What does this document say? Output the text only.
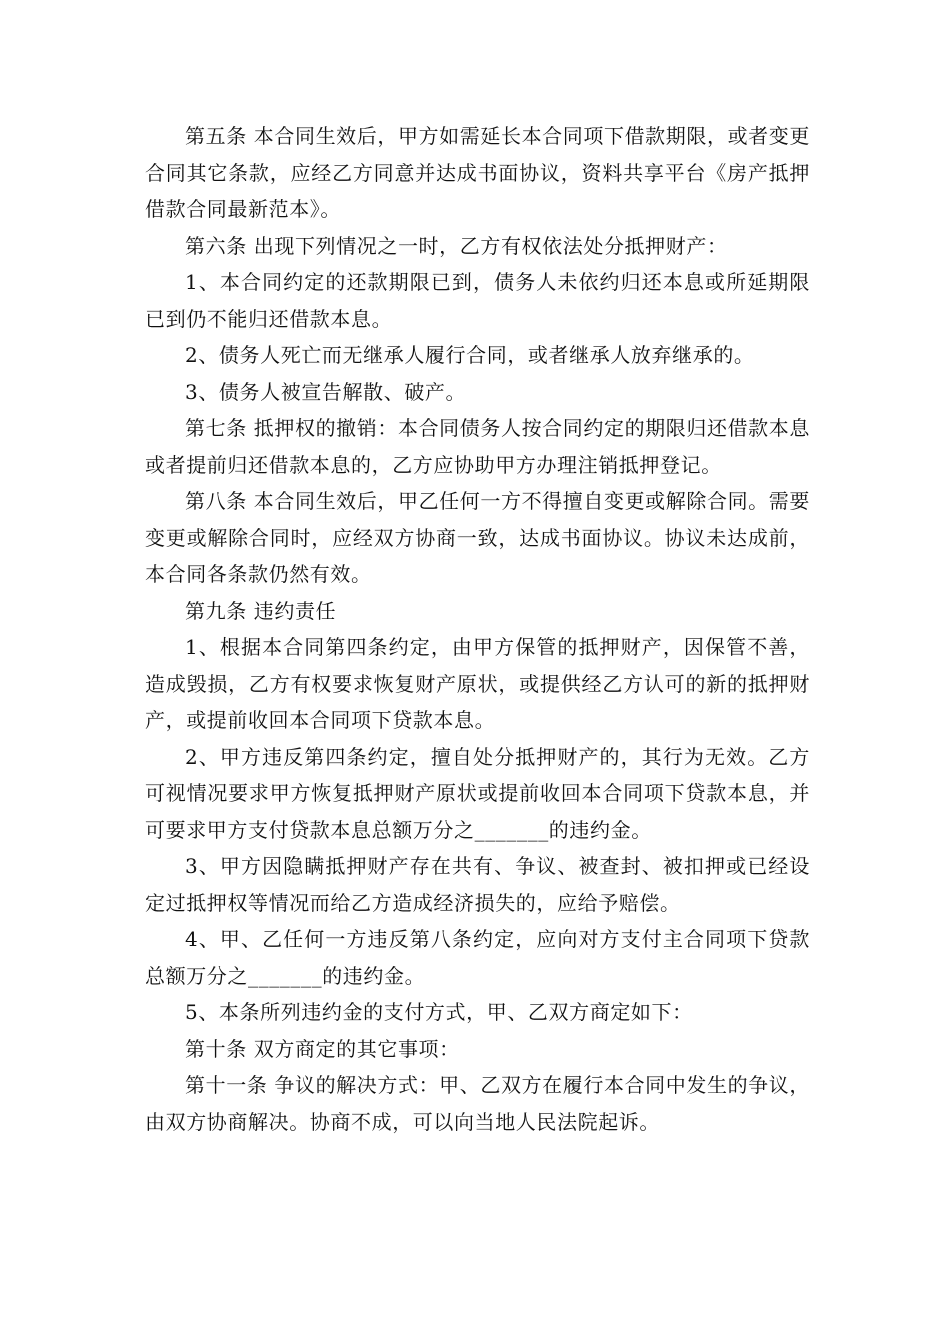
第五条 本合同生效后，甲方如需延长本合同项下借款期限，或者变更合同其它条款，应经乙方同意并达成书面协议，资料共享平台《房产抵押借款合同最新范本》。

第六条 出现下列情况之一时，乙方有权依法处分抵押财产：

1、本合同约定的还款期限已到，债务人未依约归还本息或所延期限已到仍不能归还借款本息。

2、债务人死亡而无继承人履行合同，或者继承人放弃继承的。

3、债务人被宣告解散、破产。

第七条 抵押权的撤销：本合同债务人按合同约定的期限归还借款本息或者提前归还借款本息的，乙方应协助甲方办理注销抵押登记。

第八条 本合同生效后，甲乙任何一方不得擅自变更或解除合同。需要变更或解除合同时，应经双方协商一致，达成书面协议。协议未达成前，本合同各条款仍然有效。

第九条 违约责任

1、根据本合同第四条约定，由甲方保管的抵押财产，因保管不善，造成毁损，乙方有权要求恢复财产原状，或提供经乙方认可的新的抵押财产，或提前收回本合同项下贷款本息。

2、甲方违反第四条约定，擅自处分抵押财产的，其行为无效。乙方可视情况要求甲方恢复抵押财产原状或提前收回本合同项下贷款本息，并可要求甲方支付贷款本息总额万分之_______的违约金。

3、甲方因隐瞒抵押财产存在共有、争议、被查封、被扣押或已经设定过抵押权等情况而给乙方造成经济损失的，应给予赔偿。

4、甲、乙任何一方违反第八条约定，应向对方支付主合同项下贷款总额万分之_______的违约金。

5、本条所列违约金的支付方式，甲、乙双方商定如下：

第十条 双方商定的其它事项：

第十一条 争议的解决方式：甲、乙双方在履行本合同中发生的争议，由双方协商解决。协商不成，可以向当地人民法院起诉。
